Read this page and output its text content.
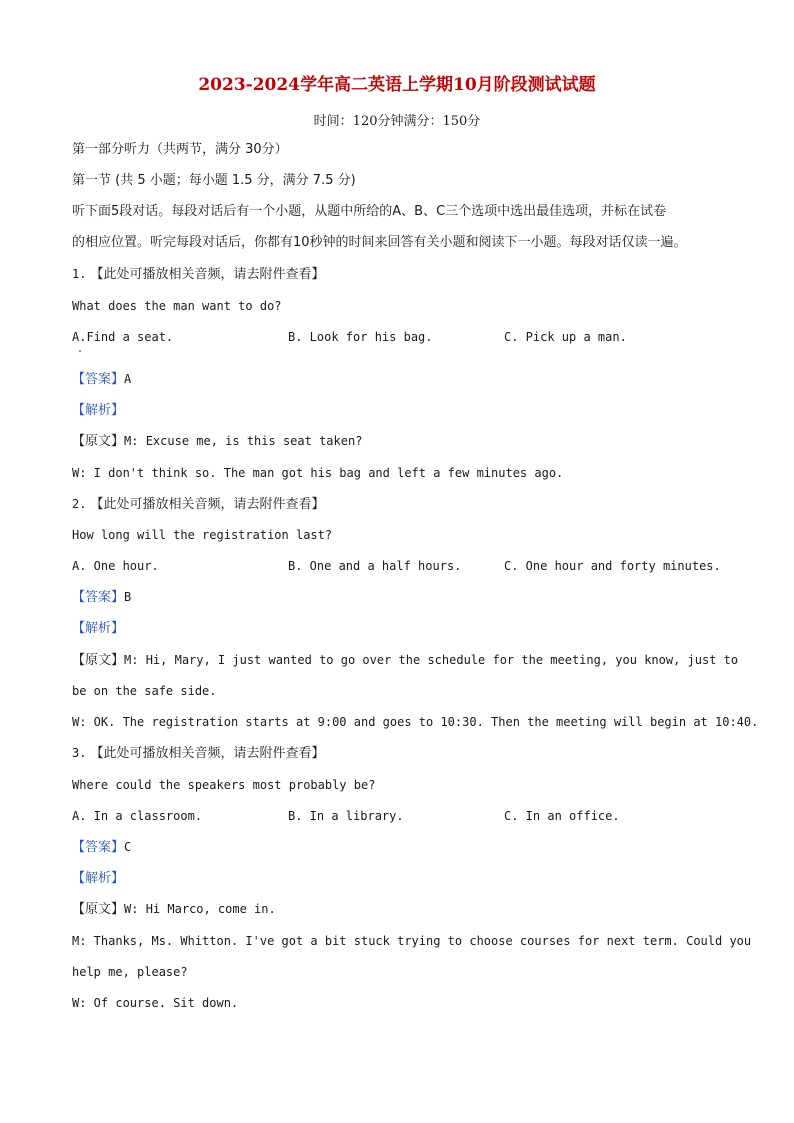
2023-2024学年高二英语上学期10月阶段测试试题
时间：120分钟满分：150分
第一部分听力（共两节，满分 30分）
第一节 (共 5 小题；每小题 1.5 分，满分 7.5 分)
听下面5段对话。每段对话后有一个小题，从题中所给的A、B、C三个选项中选出最佳选项，并标在试卷
的相应位置。听完每段对话后，你都有10秒钟的时间来回答有关小题和阅读下一小题。每段对话仅读一遍。
1. 【此处可播放相关音频，请去附件查看】
What does the man want to do?
A.Find a seat.	B. Look for his bag.	C. Pick up a man.
【答案】A
【解析】
【原文】M: Excuse me, is this seat taken?
W: I don't think so. The man got his bag and left a few minutes ago.
2. 【此处可播放相关音频，请去附件查看】
How long will the registration last?
A. One hour.	B. One and a half hours.	C. One hour and forty minutes.
【答案】B
【解析】
【原文】M: Hi, Mary, I just wanted to go over the schedule for the meeting, you know, just to
be on the safe side.
W: OK. The registration starts at 9:00 and goes to 10:30. Then the meeting will begin at 10:40.
3. 【此处可播放相关音频，请去附件查看】
Where could the speakers most probably be?
A. In a classroom.	B. In a library.	C. In an office.
【答案】C
【解析】
【原文】W: Hi Marco, come in.
M: Thanks, Ms. Whitton. I've got a bit stuck trying to choose courses for next term. Could you
help me, please?
W: Of course. Sit down.
